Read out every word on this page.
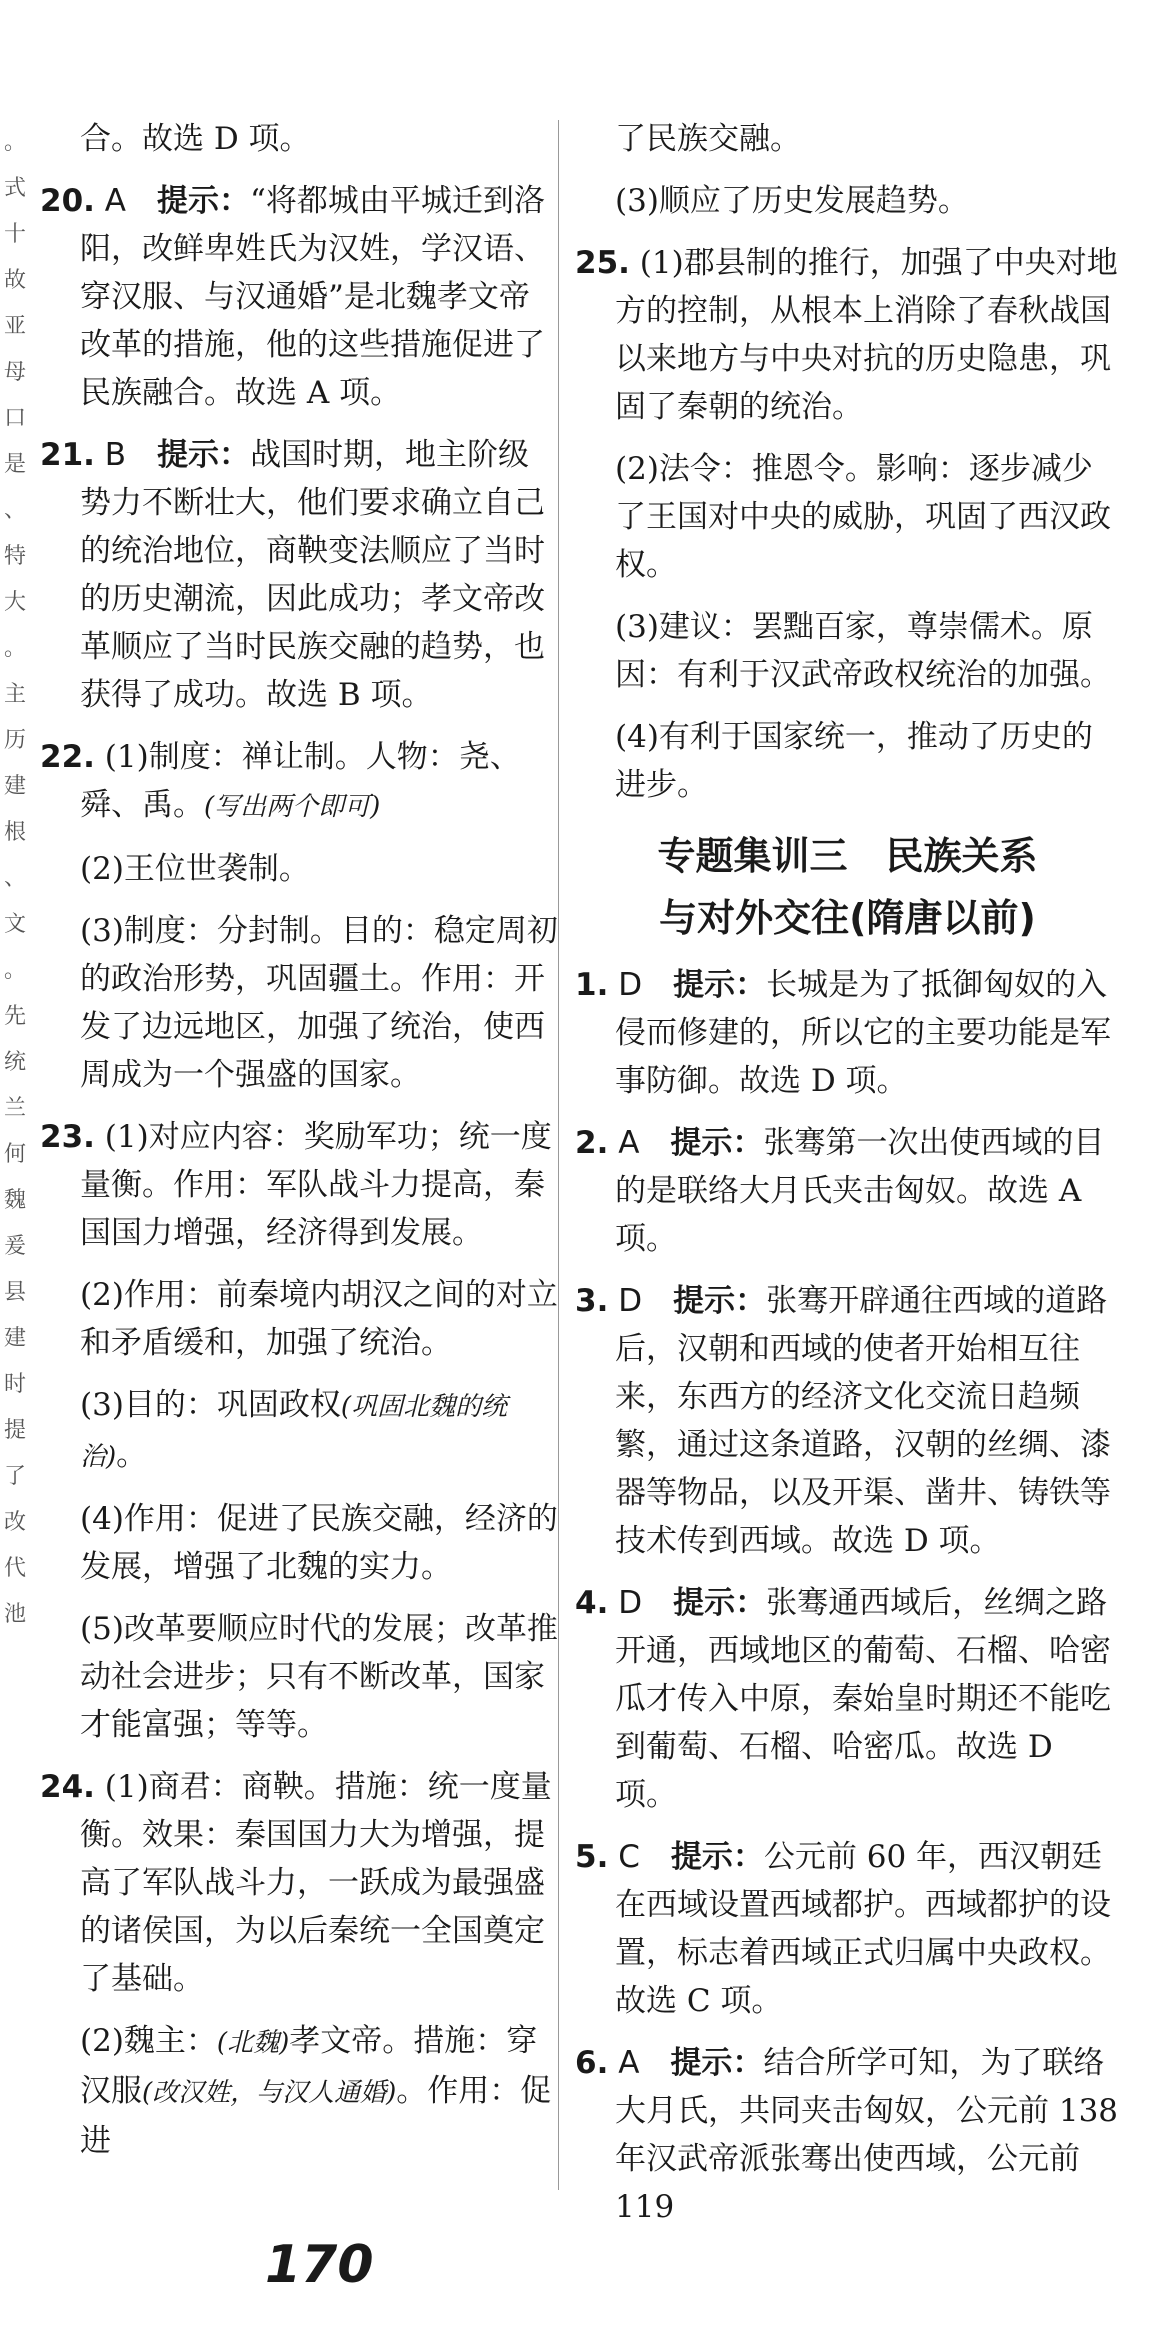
。 式 十 故 亚 母 口 是 、 特 大 。 主 历 建 根 、 文 。 先 统 兰 何 魏 爰 县 建 时 提 了 改 代 池
合。故选 D 项。
20. A　 提示：“将都城由平城迁到洛阳，改鲜卑姓氏为汉姓，学汉语、穿汉服、与汉通婚”是北魏孝文帝改革的措施，他的这些措施促进了民族融合。故选 A 项。
21. B　 提示：战国时期，地主阶级势力不断壮大，他们要求确立自己的统治地位，商鞅变法顺应了当时的历史潮流，因此成功；孝文帝改革顺应了当时民族交融的趋势，也获得了成功。故选 B 项。
22. (1)制度：禅让制。人物：尧、舜、禹。(写出两个即可)
(2)王位世袭制。
(3)制度：分封制。目的：稳定周初的政治形势，巩固疆土。作用：开发了边远地区，加强了统治，使西周成为一个强盛的国家。
23. (1)对应内容：奖励军功；统一度量衡。作用：军队战斗力提高，秦国国力增强，经济得到发展。
(2)作用：前秦境内胡汉之间的对立和矛盾缓和，加强了统治。
(3)目的：巩固政权(巩固北魏的统治)。
(4)作用：促进了民族交融，经济的发展，增强了北魏的实力。
(5)改革要顺应时代的发展；改革推动社会进步；只有不断改革，国家才能富强；等等。
24. (1)商君：商鞅。措施：统一度量衡。效果：秦国国力大为增强，提高了军队战斗力，一跃成为最强盛的诸侯国，为以后秦统一全国奠定了基础。
(2)魏主：(北魏)孝文帝。措施：穿汉服(改汉姓，与汉人通婚)。作用：促进
了民族交融。
(3)顺应了历史发展趋势。
25. (1)郡县制的推行，加强了中央对地方的控制，从根本上消除了春秋战国以来地方与中央对抗的历史隐患，巩固了秦朝的统治。
(2)法令：推恩令。影响：逐步减少了王国对中央的威胁，巩固了西汉政权。
(3)建议：罢黜百家，尊崇儒术。原因：有利于汉武帝政权统治的加强。
(4)有利于国家统一，推动了历史的进步。
专题集训三　民族关系
与对外交往(隋唐以前)
1. D　 提示：长城是为了抵御匈奴的入侵而修建的，所以它的主要功能是军事防御。故选 D 项。
2. A　 提示：张骞第一次出使西域的目的是联络大月氏夹击匈奴。故选 A 项。
3. D　 提示：张骞开辟通往西域的道路后，汉朝和西域的使者开始相互往来，东西方的经济文化交流日趋频繁，通过这条道路，汉朝的丝绸、漆器等物品，以及开渠、凿井、铸铁等技术传到西域。故选 D 项。
4. D　 提示：张骞通西域后，丝绸之路开通，西域地区的葡萄、石榴、哈密瓜才传入中原，秦始皇时期还不能吃到葡萄、石榴、哈密瓜。故选 D 项。
5. C　 提示：公元前 60 年，西汉朝廷在西域设置西域都护。西域都护的设置，标志着西域正式归属中央政权。故选 C 项。
6. A　 提示：结合所学可知，为了联络大月氏，共同夹击匈奴，公元前 138 年汉武帝派张骞出使西域，公元前 119
170
